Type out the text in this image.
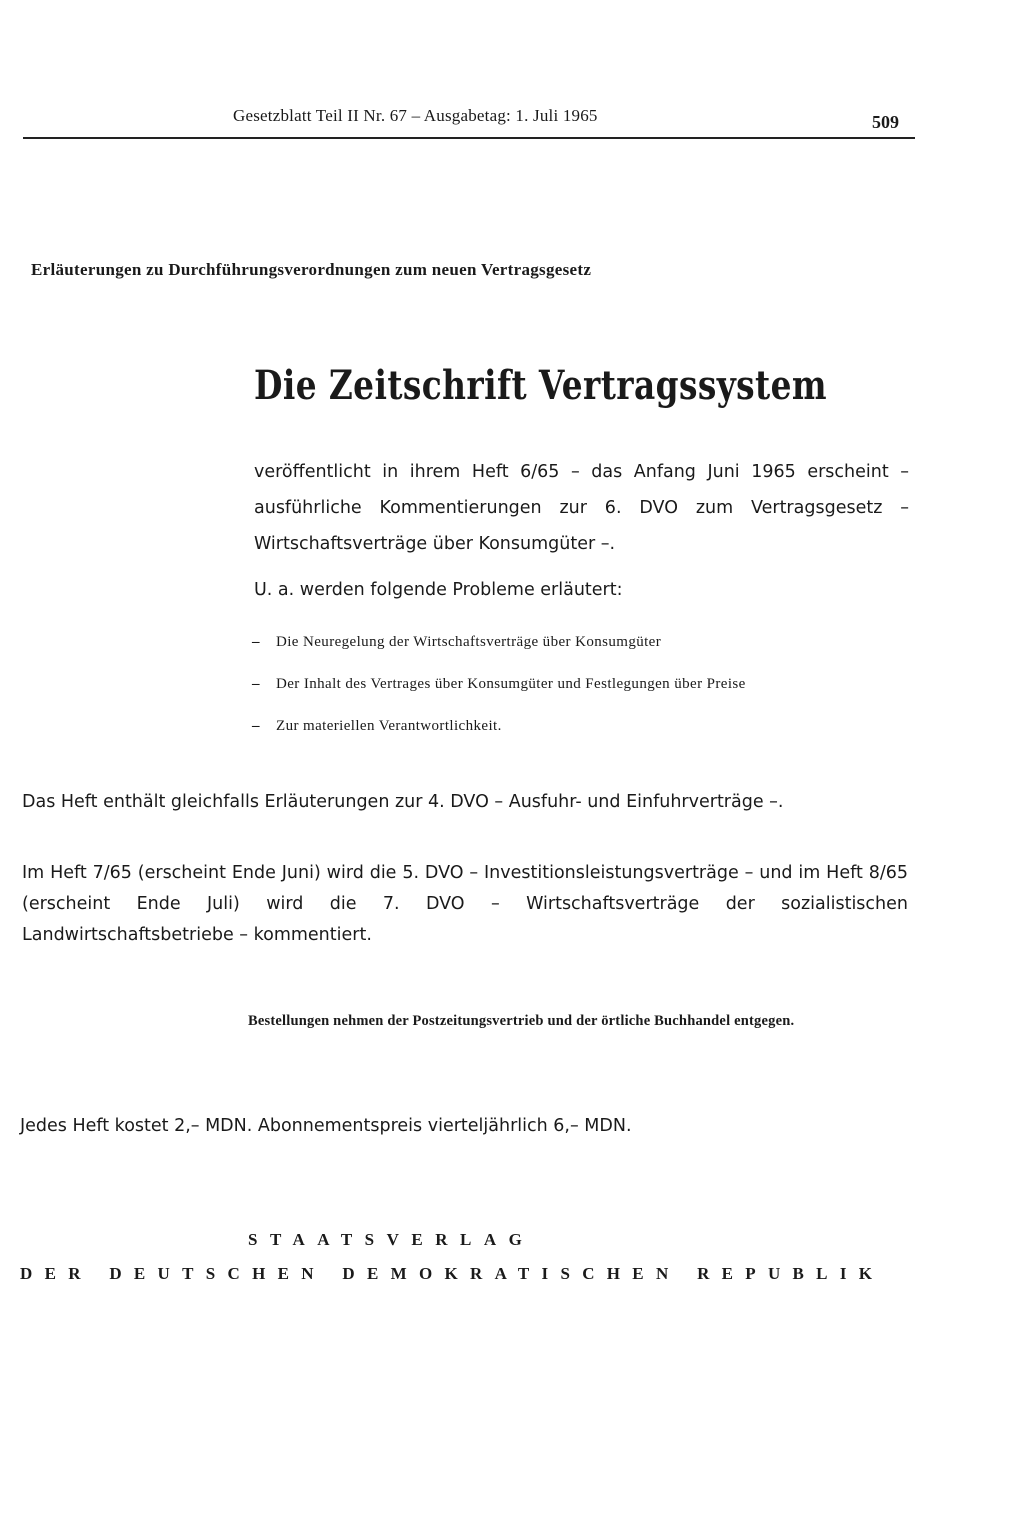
Gesetzblatt Teil II Nr. 67 – Ausgabetag: 1. Juli 1965	509
Erläuterungen zu Durchführungsverordnungen zum neuen Vertragsgesetz
Die Zeitschrift Vertragssystem
veröffentlicht in ihrem Heft 6/65 – das Anfang Juni 1965 erscheint – ausführliche Kommentierungen zur 6. DVO zum Vertragsgesetz – Wirtschaftsverträge über Konsumgüter –.
U. a. werden folgende Probleme erläutert:
– Die Neuregelung der Wirtschaftsverträge über Konsumgüter
– Der Inhalt des Vertrages über Konsumgüter und Festlegungen über Preise
– Zur materiellen Verantwortlichkeit.
Das Heft enthält gleichfalls Erläuterungen zur 4. DVO – Ausfuhr- und Einfuhrverträge –.
Im Heft 7/65 (erscheint Ende Juni) wird die 5. DVO – Investitionsleistungsverträge – und im Heft 8/65 (erscheint Ende Juli) wird die 7. DVO – Wirtschaftsverträge der sozialistischen Landwirtschaftsbetriebe – kommentiert.
Bestellungen nehmen der Postzeitungsvertrieb und der örtliche Buchhandel entgegen.
Jedes Heft kostet 2,– MDN. Abonnementspreis vierteljährlich 6,– MDN.
STAATSVERLAG
DER DEUTSCHEN DEMOKRATISCHEN REPUBLIK
